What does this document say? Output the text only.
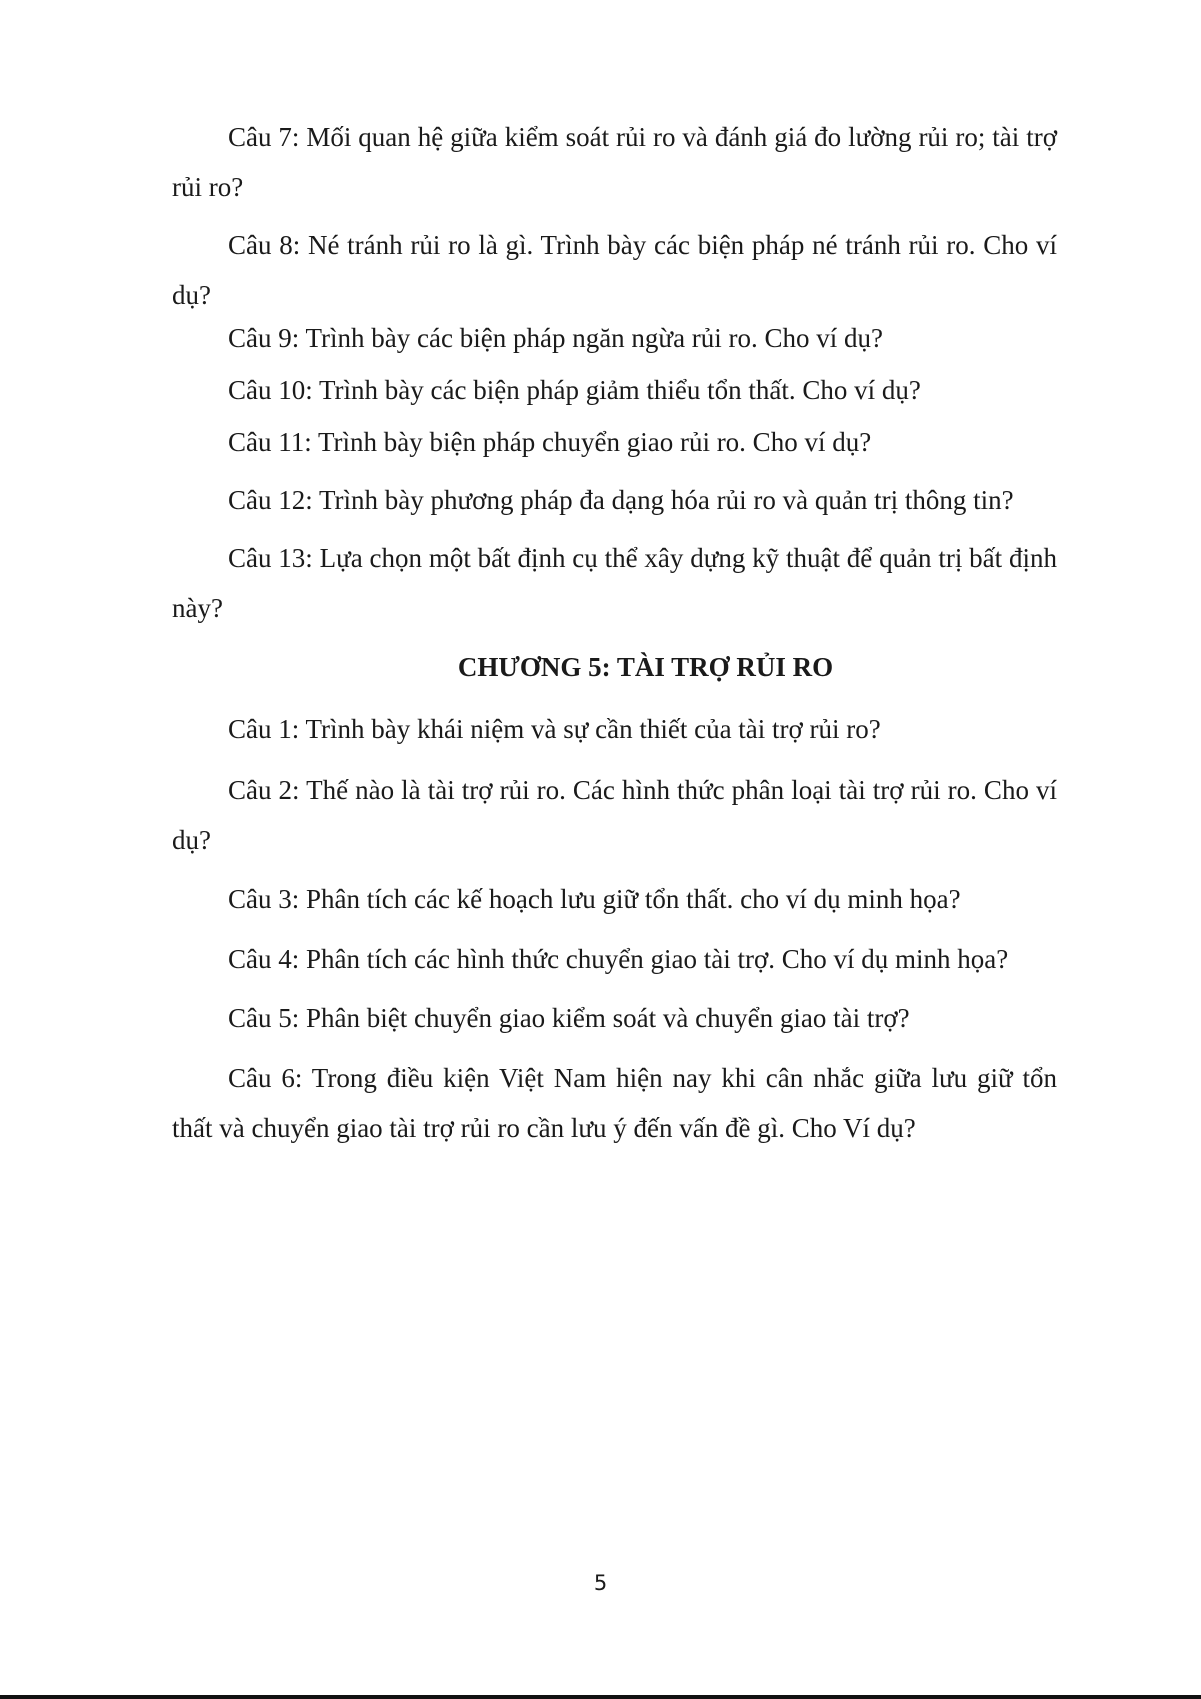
Câu 7: Mối quan hệ giữa kiểm soát rủi ro và đánh giá đo lường rủi ro; tài trợ rủi ro?

Câu 8: Né tránh rủi ro là gì. Trình bày các biện pháp né tránh rủi ro. Cho ví dụ?

Câu 9: Trình bày các biện pháp ngăn ngừa rủi ro. Cho ví dụ?

Câu 10: Trình bày các biện pháp giảm thiểu tổn thất. Cho ví dụ?

Câu 11: Trình bày biện pháp chuyển giao rủi ro. Cho ví dụ?

Câu 12: Trình bày phương pháp đa dạng hóa rủi ro và quản trị thông tin?

Câu 13: Lựa chọn một bất định cụ thể xây dựng kỹ thuật để quản trị bất định này?

CHƯƠNG 5: TÀI TRỢ RỦI RO

Câu 1: Trình bày khái niệm và sự cần thiết của tài trợ rủi ro?

Câu 2: Thế nào là tài trợ rủi ro. Các hình thức phân loại tài trợ rủi ro. Cho ví dụ?

Câu 3: Phân tích các kế hoạch lưu giữ tổn thất. cho ví dụ minh họa?

Câu 4: Phân tích các hình thức chuyển giao tài trợ. Cho ví dụ minh họa?

Câu 5: Phân biệt chuyển giao kiểm soát và chuyển giao tài trợ?

Câu 6: Trong điều kiện Việt Nam hiện nay khi cân nhắc giữa lưu giữ tổn thất và chuyển giao tài trợ rủi ro cần lưu ý đến vấn đề gì. Cho Ví dụ?

5
